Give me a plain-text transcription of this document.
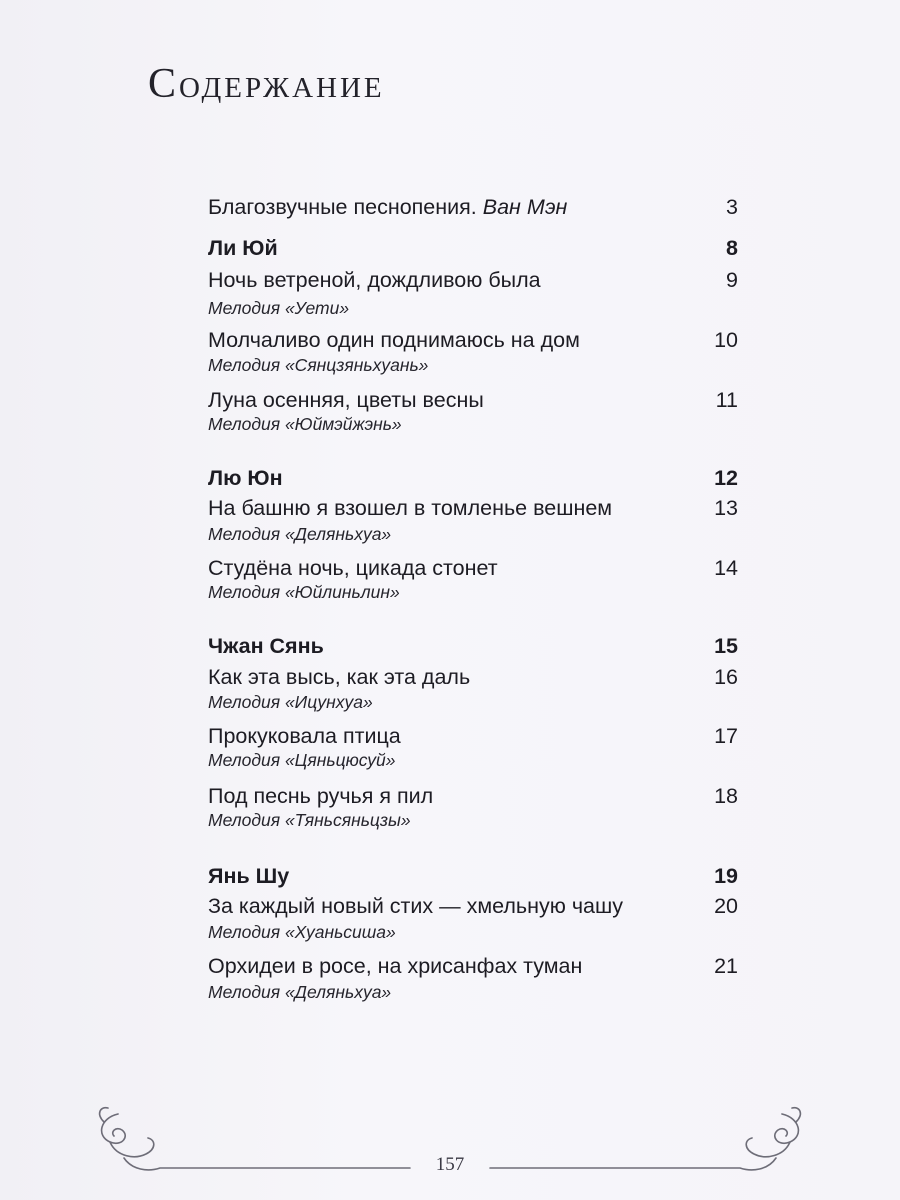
Содержание
Благозвучные песнопения. Ван Мэн	3
Ли Юй	8
Ночь ветреной, дождливою была	9
Мелодия «Уети»
Молчаливо один поднимаюсь на дом	10
Мелодия «Сянцзяньхуань»
Луна осенняя, цветы весны	11
Мелодия «Юймэйжэнь»
Лю Юн	12
На башню я взошел в томленье вешнем	13
Мелодия «Деляньхуа»
Студёна ночь, цикада стонет	14
Мелодия «Юйлиньлин»
Чжан Сянь	15
Как эта высь, как эта даль	16
Мелодия «Ицунхуа»
Прокуковала птица	17
Мелодия «Цяньцюсуй»
Под песнь ручья я пил	18
Мелодия «Тяньсяньцзы»
Янь Шу	19
За каждый новый стих — хмельную чашу	20
Мелодия «Хуаньсиша»
Орхидеи в росе, на хрисанфах туман	21
Мелодия «Деляньхуа»
157
